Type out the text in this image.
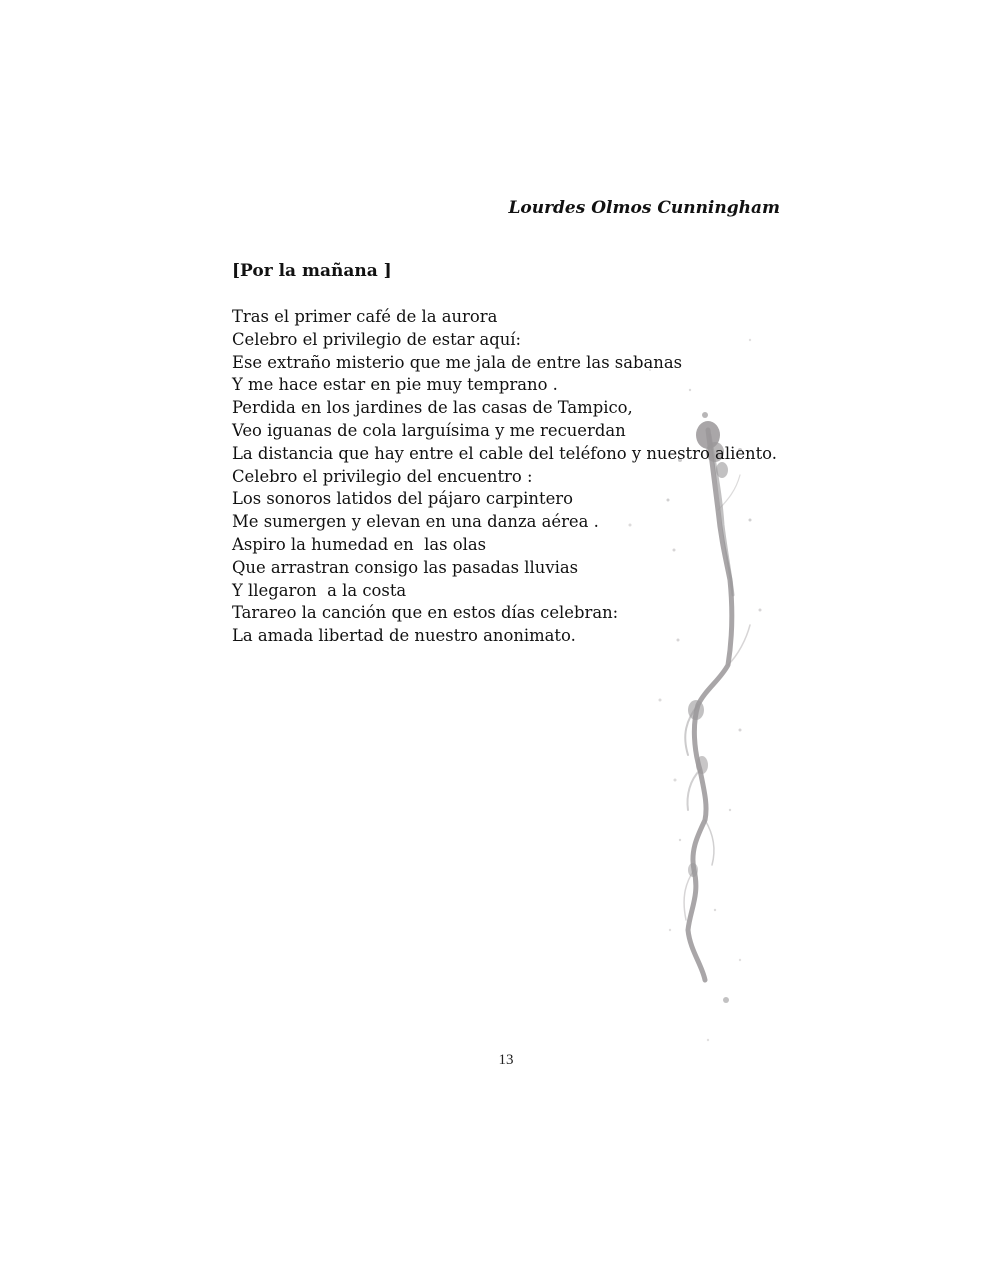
Lourdes Olmos Cunningham
[Por la mañana ]
Tras el primer café de la aurora
Celebro el privilegio de estar aquí:
Ese extraño misterio que me jala de entre las sabanas
Y me hace estar en pie muy temprano .
Perdida en los jardines de las casas de Tampico,
Veo iguanas de cola larguísima y me recuerdan
La distancia que hay entre el cable del teléfono y nuestro aliento.
Celebro el privilegio del encuentro :
Los sonoros latidos del pájaro carpintero
Me sumergen y elevan en una danza aérea .
Aspiro la humedad en  las olas
Que arrastran consigo las pasadas lluvias
Y llegaron  a la costa
Tarareo la canción que en estos días celebran:
La amada libertad de nuestro anonimato.
13
